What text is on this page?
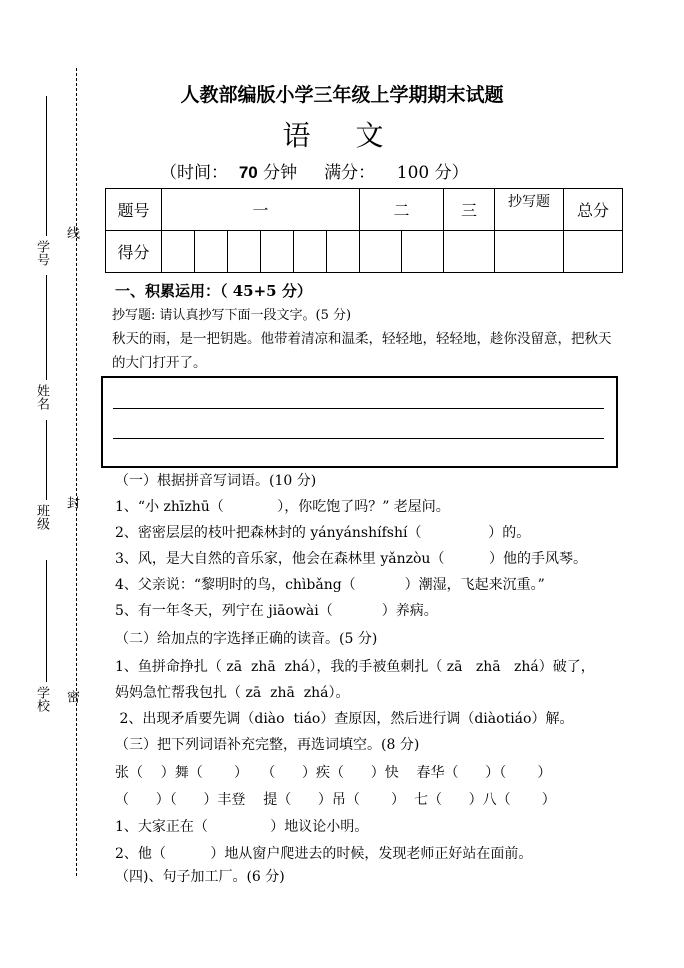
学号
线
姓名
班级
封
学校 密
人教部编版小学三年级上学期期末试题
语 文
（时间： 70 分钟 满分： 100 分）
题号	一						二		三	抄写题	总分
得分											
一、积累运用：（ 45+5 分）
抄写题: 请认真抄写下面一段文字。(5 分)
秋天的雨，是一把钥匙。他带着清凉和温柔，轻轻地，轻轻地，趁你没留意，把秋天
的大门打开了。
（一）根据拼音写词语。(10 分)
1、“小 zhīzhū（            ），你吃饱了吗？” 老屋问。
2、密密层层的枝叶把森林封的 yányánshífshí（               ）的。
3、风，是大自然的音乐家，他会在森林里 yǎnzòu（          ）他的手风琴。
4、父亲说：“黎明时的鸟，chìbǎng（           ）潮湿，飞起来沉重。”
5、有一年冬天，列宁在 jiāowài（           ）养病。
（二）给加点的字选择正确的读音。(5 分)
1、鱼拼命挣扎（ zā  zhā  zhá），我的手被鱼刺扎（ zā   zhā   zhá）破了，
妈妈急忙帮我包扎（ zā  zhā  zhá）。
2、出现矛盾要先调（diào  tiáo）查原因，然后进行调（diàotiáo）解。
（三）把下列词语补充完整，再选词填空。(8 分)
张（    ）舞（       ）   （      ）疾（      ）快    春华（      ）（       ）
（      ）（      ）丰登    提（      ）吊（       ）  七（      ）八（       ）
1、大家正在（              ）地议论小明。
2、他（          ）地从窗户爬进去的时候，发现老师正好站在面前。
（四)、句子加工厂。(6 分)
